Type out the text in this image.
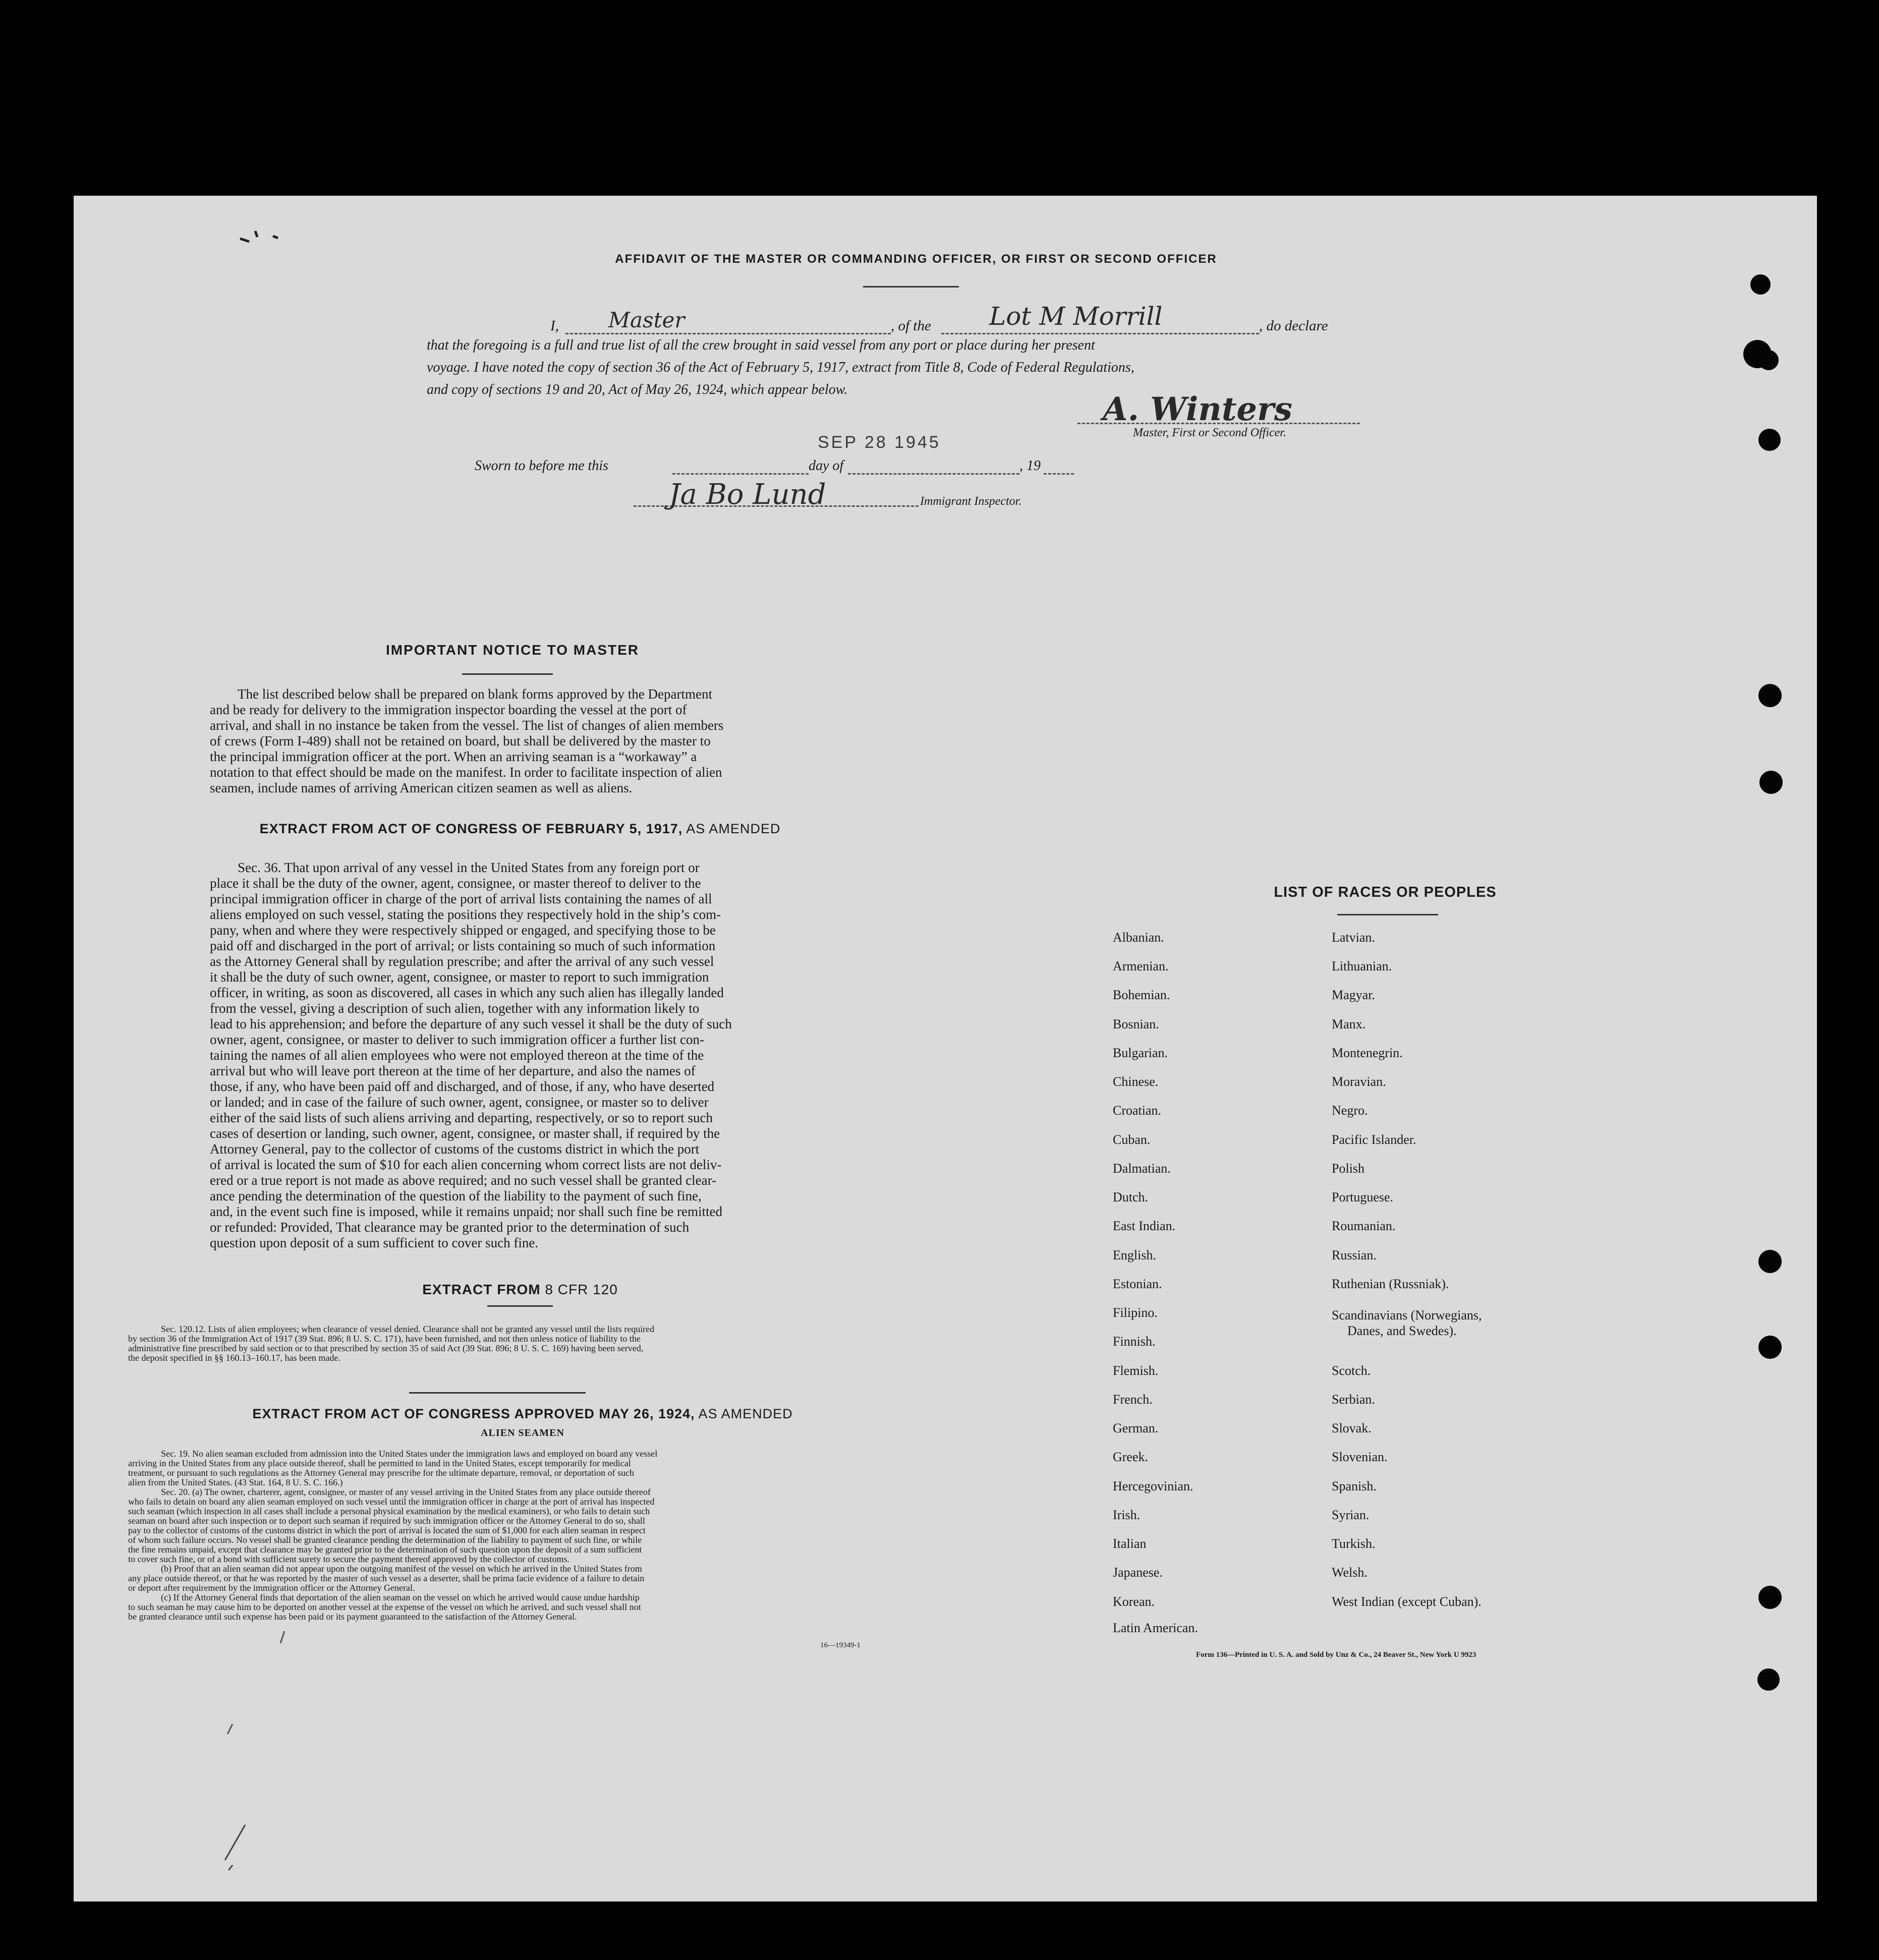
AFFIDAVIT OF THE MASTER OR COMMANDING OFFICER, OR FIRST OR SECOND OFFICER
I, Master	, of the Lot M Morrill	, do declare
that the foregoing is a full and true list of all the crew brought in said vessel from any port or place during her present
voyage. I have noted the copy of section 36 of the Act of February 5, 1917, extract from Title 8, Code of Federal Regulations,
and copy of sections 19 and 20, Act of May 26, 1924, which appear below.
A. Winters
Master, First or Second Officer.
SEP 28 1945
Sworn to before me this	day of	, 19
Ja Bo Lund	Immigrant Inspector.
IMPORTANT NOTICE TO MASTER
The list described below shall be prepared on blank forms approved by the Department
and be ready for delivery to the immigration inspector boarding the vessel at the port of
arrival, and shall in no instance be taken from the vessel. The list of changes of alien members
of crews (Form I-489) shall not be retained on board, but shall be delivered by the master to
the principal immigration officer at the port. When an arriving seaman is a “workaway” a
notation to that effect should be made on the manifest. In order to facilitate inspection of alien
seamen, include names of arriving American citizen seamen as well as aliens.
EXTRACT FROM ACT OF CONGRESS OF FEBRUARY 5, 1917, AS AMENDED
Sec. 36. That upon arrival of any vessel in the United States from any foreign port or
place it shall be the duty of the owner, agent, consignee, or master thereof to deliver to the
principal immigration officer in charge of the port of arrival lists containing the names of all
aliens employed on such vessel, stating the positions they respectively hold in the ship’s com-
pany, when and where they were respectively shipped or engaged, and specifying those to be
paid off and discharged in the port of arrival; or lists containing so much of such information
as the Attorney General shall by regulation prescribe; and after the arrival of any such vessel
it shall be the duty of such owner, agent, consignee, or master to report to such immigration
officer, in writing, as soon as discovered, all cases in which any such alien has illegally landed
from the vessel, giving a description of such alien, together with any information likely to
lead to his apprehension; and before the departure of any such vessel it shall be the duty of such
owner, agent, consignee, or master to deliver to such immigration officer a further list con-
taining the names of all alien employees who were not employed thereon at the time of the
arrival but who will leave port thereon at the time of her departure, and also the names of
those, if any, who have been paid off and discharged, and of those, if any, who have deserted
or landed; and in case of the failure of such owner, agent, consignee, or master so to deliver
either of the said lists of such aliens arriving and departing, respectively, or so to report such
cases of desertion or landing, such owner, agent, consignee, or master shall, if required by the
Attorney General, pay to the collector of customs of the customs district in which the port
of arrival is located the sum of $10 for each alien concerning whom correct lists are not deliv-
ered or a true report is not made as above required; and no such vessel shall be granted clear-
ance pending the determination of the question of the liability to the payment of such fine,
and, in the event such fine is imposed, while it remains unpaid; nor shall such fine be remitted
or refunded: Provided, That clearance may be granted prior to the determination of such
question upon deposit of a sum sufficient to cover such fine.
EXTRACT FROM 8 CFR 120
Sec. 120.12. Lists of alien employees; when clearance of vessel denied. Clearance shall not be granted any vessel until the lists required
by section 36 of the Immigration Act of 1917 (39 Stat. 896; 8 U. S. C. 171), have been furnished, and not then unless notice of liability to the
administrative fine prescribed by said section or to that prescribed by section 35 of said Act (39 Stat. 896; 8 U. S. C. 169) having been served,
the deposit specified in §§ 160.13–160.17, has been made.
EXTRACT FROM ACT OF CONGRESS APPROVED MAY 26, 1924, AS AMENDED
ALIEN SEAMEN
Sec. 19. No alien seaman excluded from admission into the United States under the immigration laws and employed on board any vessel
arriving in the United States from any place outside thereof, shall be permitted to land in the United States, except temporarily for medical
treatment, or pursuant to such regulations as the Attorney General may prescribe for the ultimate departure, removal, or deportation of such
alien from the United States. (43 Stat. 164, 8 U. S. C. 166.)
Sec. 20. (a) The owner, charterer, agent, consignee, or master of any vessel arriving in the United States from any place outside thereof
who fails to detain on board any alien seaman employed on such vessel until the immigration officer in charge at the port of arrival has inspected
such seaman (which inspection in all cases shall include a personal physical examination by the medical examiners), or who fails to detain such
seaman on board after such inspection or to deport such seaman if required by such immigration officer or the Attorney General to do so, shall
pay to the collector of customs of the customs district in which the port of arrival is located the sum of $1,000 for each alien seaman in respect
of whom such failure occurs. No vessel shall be granted clearance pending the determination of the liability to payment of such fine, or while
the fine remains unpaid, except that clearance may be granted prior to the determination of such question upon the deposit of a sum sufficient
to cover such fine, or of a bond with sufficient surety to secure the payment thereof approved by the collector of customs.
(b) Proof that an alien seaman did not appear upon the outgoing manifest of the vessel on which he arrived in the United States from
any place outside thereof, or that he was reported by the master of such vessel as a deserter, shall be prima facie evidence of a failure to detain
or deport after requirement by the immigration officer or the Attorney General.
(c) If the Attorney General finds that deportation of the alien seaman on the vessel on which he arrived would cause undue hardship
to such seaman he may cause him to be deported on another vessel at the expense of the vessel on which he arrived, and such vessel shall not
be granted clearance until such expense has been paid or its payment guaranteed to the satisfaction of the Attorney General.
16—19349-1
LIST OF RACES OR PEOPLES
Albanian.
Armenian.
Bohemian.
Bosnian.
Bulgarian.
Chinese.
Croatian.
Cuban.
Dalmatian.
Dutch.
East Indian.
English.
Estonian.
Filipino.
Finnish.
Flemish.
French.
German.
Greek.
Hercegovinian.
Irish.
Italian
Japanese.
Korean.
Latin American.
Latvian.
Lithuanian.
Magyar.
Manx.
Montenegrin.
Moravian.
Negro.
Pacific Islander.
Polish
Portuguese.
Roumanian.
Russian.
Ruthenian (Russniak).
Scandinavians (Norwegians,
Danes, and Swedes).
Scotch.
Serbian.
Slovak.
Slovenian.
Spanish.
Syrian.
Turkish.
Welsh.
West Indian (except Cuban).
Form 136—Printed in U. S. A. and Sold by Unz & Co., 24 Beaver St., New York U 9923
